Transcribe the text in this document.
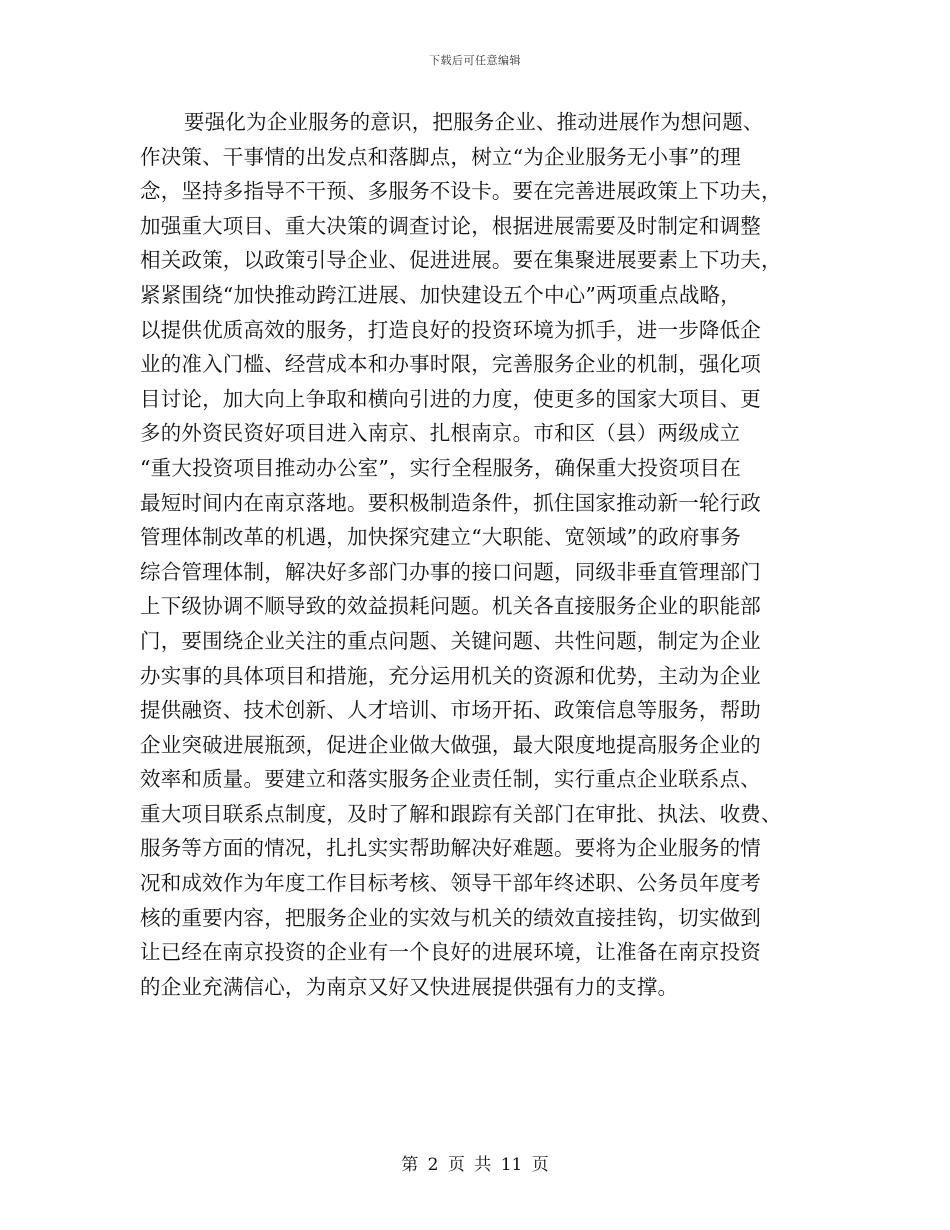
下载后可任意编辑
要强化为企业服务的意识，把服务企业、推动进展作为想问题、
作决策、干事情的出发点和落脚点，树立“为企业服务无小事”的理
念，坚持多指导不干预、多服务不设卡。要在完善进展政策上下功夫，
加强重大项目、重大决策的调查讨论，根据进展需要及时制定和调整
相关政策，以政策引导企业、促进进展。要在集聚进展要素上下功夫，
紧紧围绕“加快推动跨江进展、加快建设五个中心”两项重点战略，
以提供优质高效的服务，打造良好的投资环境为抓手，进一步降低企
业的准入门槛、经营成本和办事时限，完善服务企业的机制，强化项
目讨论，加大向上争取和横向引进的力度，使更多的国家大项目、更
多的外资民资好项目进入南京、扎根南京。市和区（县）两级成立
“重大投资项目推动办公室”，实行全程服务，确保重大投资项目在
最短时间内在南京落地。要积极制造条件，抓住国家推动新一轮行政
管理体制改革的机遇，加快探究建立“大职能、宽领域”的政府事务
综合管理体制，解决好多部门办事的接口问题，同级非垂直管理部门
上下级协调不顺导致的效益损耗问题。机关各直接服务企业的职能部
门，要围绕企业关注的重点问题、关键问题、共性问题，制定为企业
办实事的具体项目和措施，充分运用机关的资源和优势，主动为企业
提供融资、技术创新、人才培训、市场开拓、政策信息等服务，帮助
企业突破进展瓶颈，促进企业做大做强，最大限度地提高服务企业的
效率和质量。要建立和落实服务企业责任制，实行重点企业联系点、
重大项目联系点制度，及时了解和跟踪有关部门在审批、执法、收费、
服务等方面的情况，扎扎实实帮助解决好难题。要将为企业服务的情
况和成效作为年度工作目标考核、领导干部年终述职、公务员年度考
核的重要内容，把服务企业的实效与机关的绩效直接挂钩，切实做到
让已经在南京投资的企业有一个良好的进展环境，让准备在南京投资
的企业充满信心，为南京又好又快进展提供强有力的支撑。
第 2 页 共 11 页
